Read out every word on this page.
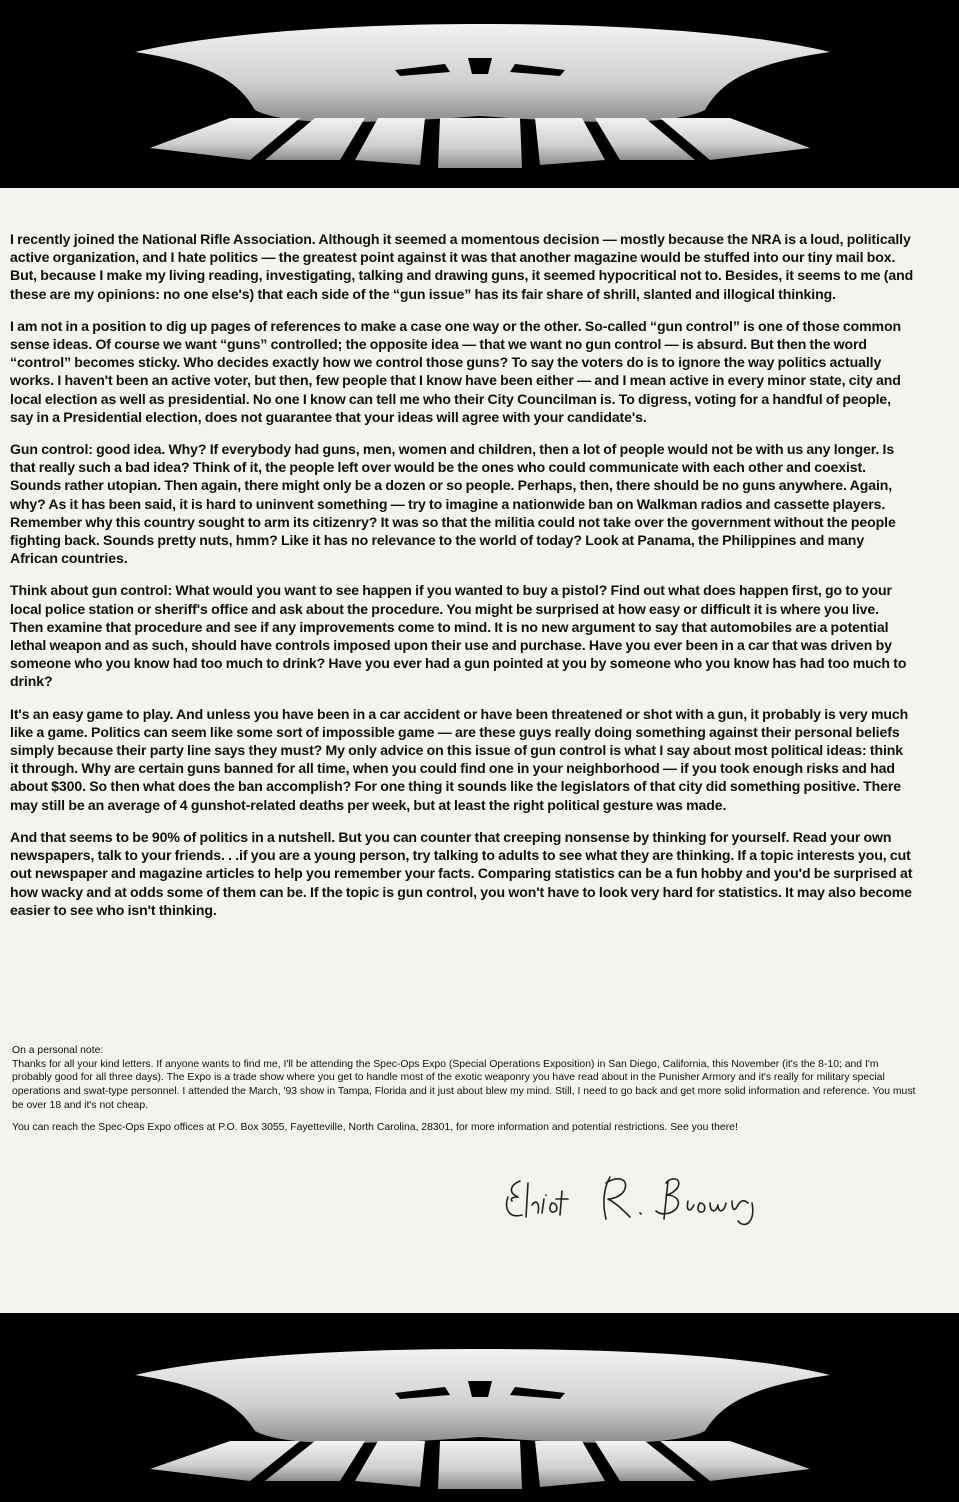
I recently joined the National Rifle Association. Although it seemed a momentous decision — mostly because the NRA is a loud, politically active organization, and I hate politics — the greatest point against it was that another magazine would be stuffed into our tiny mail box. But, because I make my living reading, investigating, talking and drawing guns, it seemed hypocritical not to. Besides, it seems to me (and these are my opinions: no one else's) that each side of the “gun issue” has its fair share of shrill, slanted and illogical thinking.

I am not in a position to dig up pages of references to make a case one way or the other. So-called “gun control” is one of those common sense ideas. Of course we want “guns” controlled; the opposite idea — that we want no gun control — is absurd. But then the word “control” becomes sticky. Who decides exactly how we control those guns? To say the voters do is to ignore the way politics actually works. I haven't been an active voter, but then, few people that I know have been either — and I mean active in every minor state, city and local election as well as presidential. No one I know can tell me who their City Councilman is. To digress, voting for a handful of people, say in a Presidential election, does not guarantee that your ideas will agree with your candidate's.

Gun control: good idea. Why? If everybody had guns, men, women and children, then a lot of people would not be with us any longer. Is that really such a bad idea? Think of it, the people left over would be the ones who could communicate with each other and coexist. Sounds rather utopian. Then again, there might only be a dozen or so people. Perhaps, then, there should be no guns anywhere. Again, why? As it has been said, it is hard to uninvent something — try to imagine a nationwide ban on Walkman radios and cassette players. Remember why this country sought to arm its citizenry? It was so that the militia could not take over the government without the people fighting back. Sounds pretty nuts, hmm? Like it has no relevance to the world of today? Look at Panama, the Philippines and many African countries.

Think about gun control: What would you want to see happen if you wanted to buy a pistol? Find out what does happen first, go to your local police station or sheriff's office and ask about the procedure. You might be surprised at how easy or difficult it is where you live. Then examine that procedure and see if any improvements come to mind. It is no new argument to say that automobiles are a potential lethal weapon and as such, should have controls imposed upon their use and purchase. Have you ever been in a car that was driven by someone who you know had too much to drink? Have you ever had a gun pointed at you by someone who you know has had too much to drink?

It's an easy game to play. And unless you have been in a car accident or have been threatened or shot with a gun, it probably is very much like a game. Politics can seem like some sort of impossible game — are these guys really doing something against their personal beliefs simply because their party line says they must? My only advice on this issue of gun control is what I say about most political ideas: think it through. Why are certain guns banned for all time, when you could find one in your neighborhood — if you took enough risks and had about $300. So then what does the ban accomplish? For one thing it sounds like the legislators of that city did something positive. There may still be an average of 4 gunshot-related deaths per week, but at least the right political gesture was made.

And that seems to be 90% of politics in a nutshell. But you can counter that creeping nonsense by thinking for yourself. Read your own newspapers, talk to your friends. . .if you are a young person, try talking to adults to see what they are thinking. If a topic interests you, cut out newspaper and magazine articles to help you remember your facts. Comparing statistics can be a fun hobby and you'd be surprised at how wacky and at odds some of them can be. If the topic is gun control, you won't have to look very hard for statistics. It may also become easier to see who isn't thinking.

On a personal note:
Thanks for all your kind letters. If anyone wants to find me, I'll be attending the Spec-Ops Expo (Special Operations Exposition) in San Diego, California, this November (it's the 8-10; and I'm probably good for all three days). The Expo is a trade show where you get to handle most of the exotic weaponry you have read about in the Punisher Armory and it's really for military special operations and swat-type personnel. I attended the March, '93 show in Tampa, Florida and it just about blew my mind. Still, I need to go back and get more solid information and reference. You must be over 18 and it's not cheap.

You can reach the Spec-Ops Expo offices at P.O. Box 3055, Fayetteville, North Carolina, 28301, for more information and potential restrictions. See you there!
